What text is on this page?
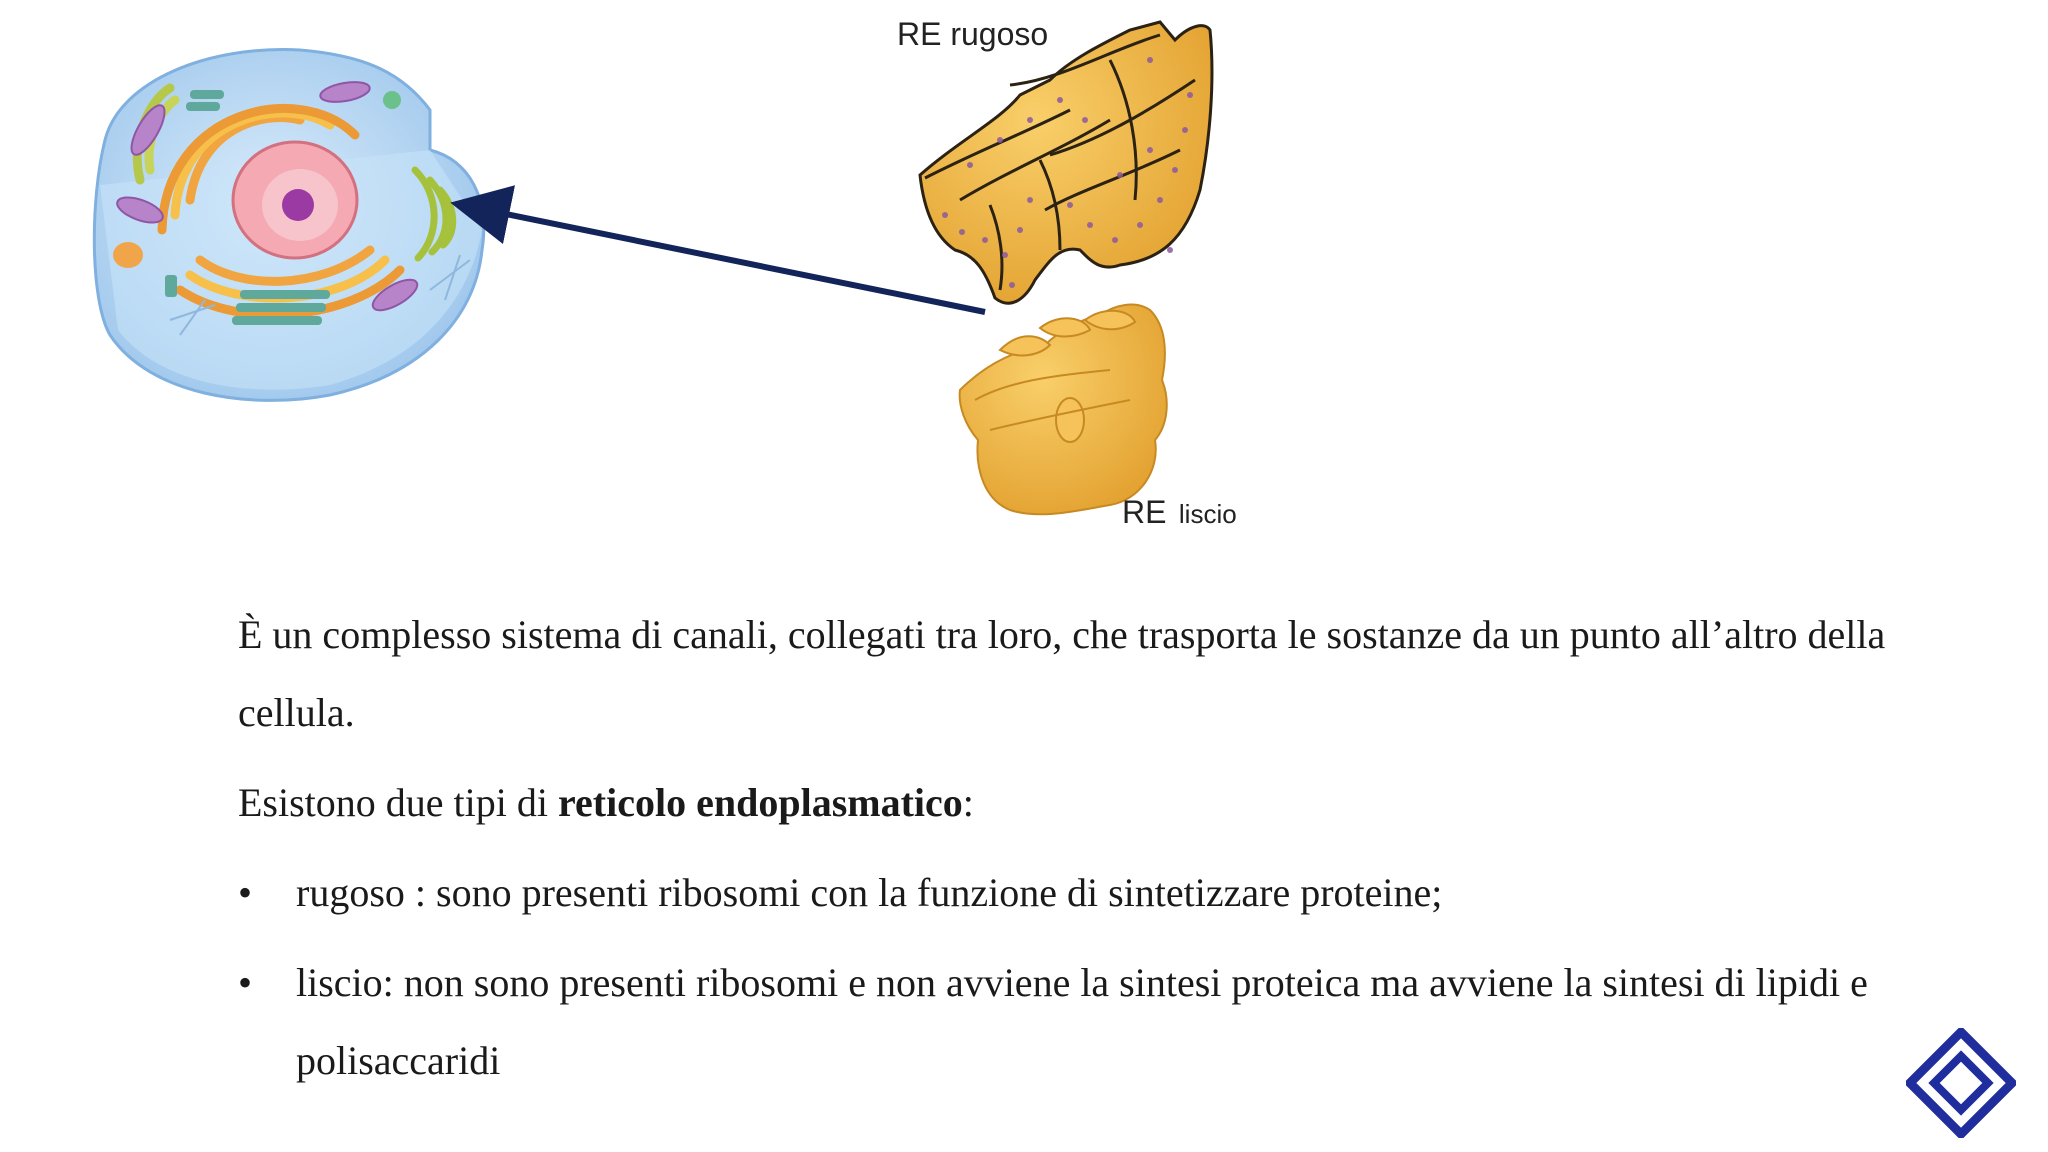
RE rugoso
RE liscio

È un complesso sistema di canali, collegati tra loro, che trasporta le sostanze da un punto all’altro della cellula.

Esistono due tipi di reticolo endoplasmatico:

• rugoso : sono presenti ribosomi con la funzione di sintetizzare proteine;
• liscio: non sono presenti ribosomi e non avviene la sintesi proteica ma avviene la sintesi di lipidi e polisaccaridi
